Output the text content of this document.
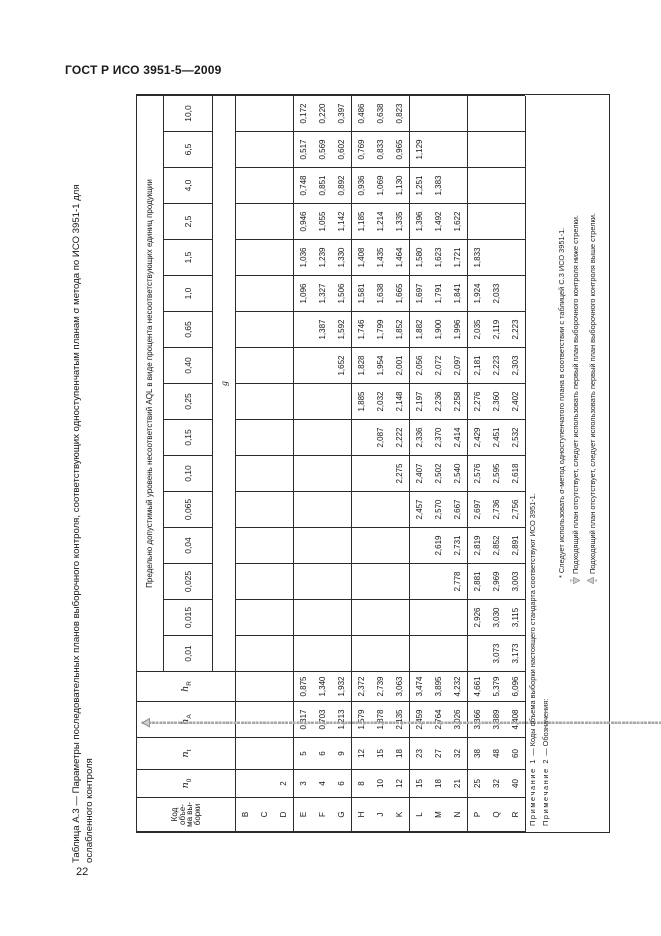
ГОСТ Р ИСО 3951-5—2009
22
Таблица А.3 — Параметры последовательных планов выборочного контроля, соответствующих одноступенчатым планам σ метода по ИСО 3951-1 для ослабленного контроля	Код
объе-
ма вы-
борки	$n_0$	$n_t$	$h_A$	$h_R$	Предельно допустимый уровень несоответствий AQL в виде процента несоответствующих единиц продукции															
					0,01	0,015	0,025	0,04	0,065	0,10	0,15	0,25	0,40	0,65	1,0	1,5	2,5	4,0	6,5	10,0
					g															
B																				
C																				
D	2																			
E	3	5	0,317	0,875											1,096	1,036	0,946	0,748	0,517	0,172
F	4	6	0,703	1,340										1,387	1,327	1,239	1,055	0,851	0,569	0,220
G	6	9	1,213	1,932									1,652	1,592	1,506	1,330	1,142	0,892	0,602	0,397
H	8	12	1,579	2,372								1,885	1,828	1,746	1,581	1,408	1,185	0,936	0,769	0,486
J	10	15	1,878	2,739							2,087	2,032	1,954	1,799	1,638	1,435	1,214	1,069	0,833	0,638
K	12	18	2,135	3,063						2,275	2,222	2,148	2,001	1,852	1,665	1,464	1,335	1,130	0,965	0,823
L	15	23	2,459	3,474					2,457	2,407	2,336	2,197	2,056	1,882	1,697	1,580	1,396	1,251	1,129	
M	18	27	2,764	3,895				2,619	2,570	2,502	2,370	2,236	2,072	1,900	1,791	1,623	1,492	1,383		
N	21	32	3,026	4,232			2,778	2,731	2,667	2,540	2,414	2,258	2,097	1,996	1,841	1,721	1,622			
P	25	38	3,366	4,661		2,926	2,881	2,819	2,697	2,576	2,429	2,276	2,181	2,035	1,924	1,833				
Q	32	48	3,889	5,379	3,073	3,030	2,969	2,852	2,736	2,595	2,451	2,360	2,223	2,119	2,033					
R	40	60	4,408	6,096	3,173	3,115	3,003	2,891	2,756	2,618	2,532	2,402	2,303	2,223						
Примечание 1 — Коды объема выборки настоящего стандарта соответствуют ИСО 3951-1.
Примечание 2 — Обозначения:
* Следует использовать σ-метод одноступенчатого плана в соответствии с таблицей С.3 ИСО 3951-1. Подходящий план отсутствует, следует использовать первый план выборочного контроля ниже стрелки. Подходящий план отсутствует, следует использовать первый план выборочного контроля выше стрелки.
